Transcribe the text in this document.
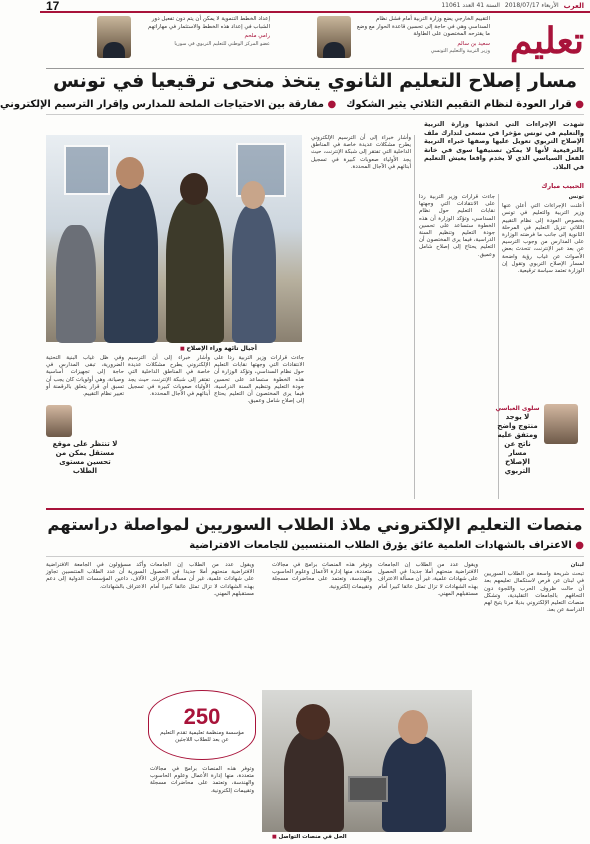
17	السنة 41 العدد 11061 الأربعاء 2018/07/17 العرب
تعليم
التقييم الخارجي يضع وزارة التربية أمام فشل نظام السداسي وهي في حاجة إلى تحسين قاعدة الحوار مع وضع ما يقترحه المختصون على الطاولة
سعيد بن سالم
وزير التربية والتعليم التونسي
إعداد الخطط التنموية لا يمكن أن يتم دون تفعيل دور الشباب في إعداد هذه الخطط والاستثمار في مهاراتهم
رامي ملحم
عضو المركز الوطني للتعليم التربوي في سوريا
مسار إصلاح التعليم الثانوي يتخذ منحى ترقيعيا في تونس
● قرار العودة لنظام التقييم الثلاثي يثير الشكوك
● مفارقة بين الاحتياجات الملحة للمدارس وإقرار الترسيم الإلكتروني
شهدت الإجراءات التي اتخذتها وزارة التربية والتعليم في تونس مؤخرا في مسعى لتدارك ملف الإصلاح التربوي تعويل عليها وصفها خبراء التربية بالترقيعية لأنها لا يمكن تصنيفها سوى في خانة الفعل السياسي الذي لا يخدم واقعا يعيش التعليم في البلاد.
الحبيب مبارك

تونس

أعلنت الإجراءات التي أعلن عنها وزير التربية والتعليم في تونس بخصوص العودة إلى نظام التقييم الثلاثي تنزيل التعليم في المرحلة الثانوية إلى جانب ما فرضته الوزارة على المدارس من وجوب الترسيم عن بعد عبر الإنترنت، تتحدث بعض الأصوات عن غياب رؤية واضحة لمسار الإصلاح التربوي وتقول إن الوزارة تعتمد سياسة ترقيعية.

جاءت قرارات وزير التربية ردا على الانتقادات التي وجهتها نقابات التعليم حول نظام السداسي، وتؤكد الوزارة أن هذه الخطوة ستساعد على تحسين جودة التعليم وتنظيم السنة الدراسية، فيما يرى المختصون أن التعليم يحتاج إلى إصلاح شامل وعميق.

وأشار خبراء إلى أن الترسيم الإلكتروني يطرح مشكلات عديدة خاصة في المناطق الداخلية التي تفتقر إلى شبكة الإنترنت، حيث يجد الأولياء صعوبات كبيرة في تسجيل أبنائهم في الآجال المحددة.

أجيال تائهة وراء الإصلاح ■

وفي ظل غياب البنية التحتية الضرورية، تبقى المدارس في حاجة إلى تجهيزات أساسية وصيانة، وهي أولويات كان يجب أن تسبق أي قرار يتعلق بالرقمنة أو تغيير نظام التقييم.

وأشار خبراء إلى أن الترسيم الإلكتروني يطرح مشكلات عديدة خاصة في المناطق الداخلية التي تفتقر إلى شبكة الإنترنت، حيث يجد الأولياء صعوبات كبيرة في تسجيل أبنائهم في الآجال المحددة.

جاءت قرارات وزير التربية ردا على الانتقادات التي وجهتها نقابات التعليم حول نظام السداسي، وتؤكد الوزارة أن هذه الخطوة ستساعد على تحسين جودة التعليم وتنظيم السنة الدراسية، فيما يرى المختصون أن التعليم يحتاج إلى إصلاح شامل وعميق.

سلوى العباسي
لا يوجد منتوج واضح ومتفق عليه ناتج عن مسار الإصلاح التربوي
لا تنتظر على موقع مستقل يمكن من تحسين مستوى الطلاب
منصات التعليم الإلكتروني ملاذ الطلاب السوريين لمواصلة دراستهم
● الاعتراف بالشهادات العلمية عائق يؤرق الطلاب المنتسبين للجامعات الافتراضية

لبنان

تبحث شريحة واسعة من الطلاب السوريين في لبنان عن فرص لاستكمال تعليمهم بعد أن حالت ظروف الحرب واللجوء دون التحاقهم بالجامعات التقليدية، وتشكل منصات التعليم الإلكتروني بديلا مرنا يتيح لهم الدراسة عن بعد.

ويقول عدد من الطلاب إن الجامعات الافتراضية منحتهم أملا جديدا في الحصول على شهادات علمية، غير أن مسألة الاعتراف بهذه الشهادات لا تزال تمثل عائقا كبيرا أمام مستقبلهم المهني.

وتوفر هذه المنصات برامج في مجالات متعددة، منها إدارة الأعمال وعلوم الحاسوب والهندسة، وتعتمد على محاضرات مسجلة وتقييمات إلكترونية.

وأكد مسؤولون في الجامعة الافتراضية السورية أن عدد الطلاب المنتسبين تجاوز الآلاف، داعين المؤسسات الدولية إلى دعم الاعتراف بالشهادات.

ويقول عدد من الطلاب إن الجامعات الافتراضية منحتهم أملا جديدا في الحصول على شهادات علمية، غير أن مسألة الاعتراف بهذه الشهادات لا تزال تمثل عائقا كبيرا أمام مستقبلهم المهني.

250
مؤسسة ومنظمة تعليمية تقدم التعليم عن بعد للطلاب اللاجئين

وتوفر هذه المنصات برامج في مجالات متعددة، منها إدارة الأعمال وعلوم الحاسوب والهندسة، وتعتمد على محاضرات مسجلة وتقييمات إلكترونية.

الحل في منصات التواصل ■
